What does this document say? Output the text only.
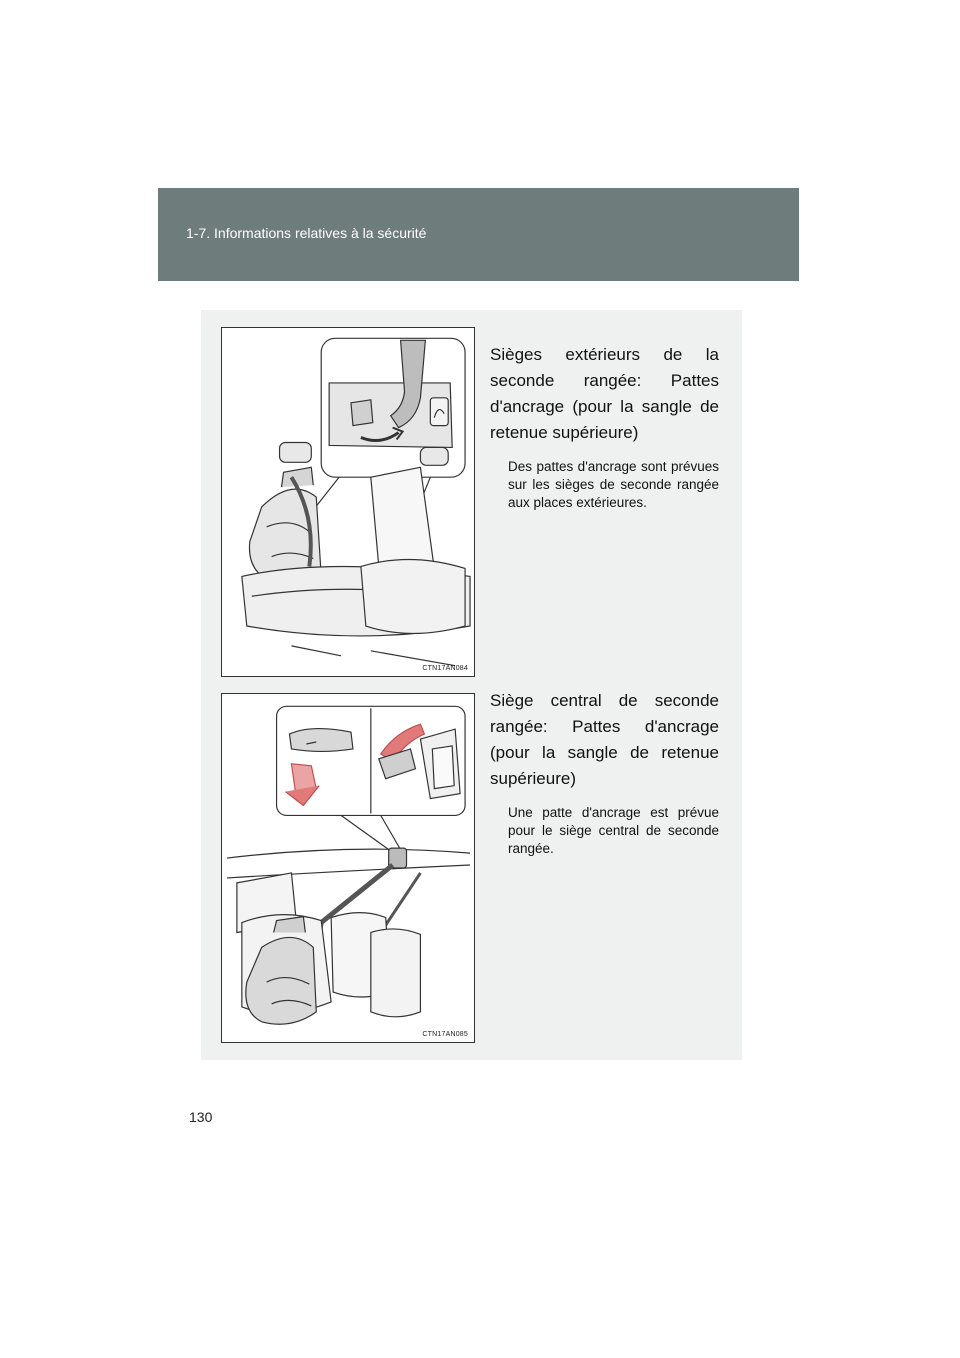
1-7. Informations relatives à la sécurité
CTN17AN084

Sièges extérieurs de la seconde rangée: Pattes d'ancrage (pour la sangle de retenue supérieure)

Des pattes d'ancrage sont prévues sur les sièges de seconde rangée aux places extérieures.

CTN17AN085

Siège central de seconde rangée: Pattes d'ancrage (pour la sangle de retenue supérieure)

Une patte d'ancrage est prévue pour le siège central de seconde rangée.

130
